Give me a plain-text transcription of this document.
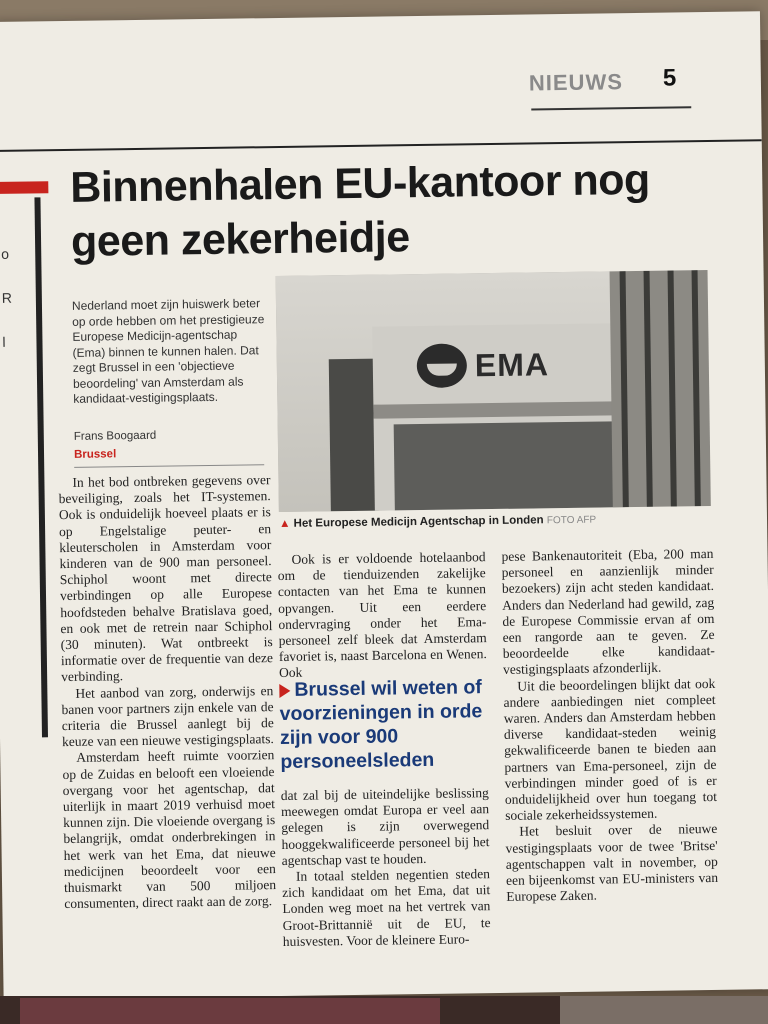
NIEUWS 5
o
R
l
Binnenhalen EU-kantoor nog geen zekerheidje
Nederland moet zijn huiswerk beter op orde hebben om het prestigieuze Europese Medicijn-agentschap (Ema) binnen te kunnen halen. Dat zegt Brussel in een 'objectieve beoordeling' van Amsterdam als kandidaat-vestigingsplaats.
Frans Boogaard
Brussel
EMA
▲ Het Europese Medicijn Agentschap in Londen FOTO AFP

In het bod ontbreken gegevens over beveiliging, zoals het IT-systemen. Ook is onduidelijk hoeveel plaats er is op Engelstalige peuter- en kleuterscholen in Amsterdam voor kinderen van de 900 man personeel. Schiphol woont met directe verbindingen op alle Europese hoofdsteden behalve Bratislava goed, en ook met de retrein naar Schiphol (30 minuten). Wat ontbreekt is informatie over de frequentie van deze verbinding.

Het aanbod van zorg, onderwijs en banen voor partners zijn enkele van de criteria die Brussel aanlegt bij de keuze van een nieuwe vestigingsplaats.

Amsterdam heeft ruimte voorzien op de Zuidas en belooft een vloeiende overgang voor het agentschap, dat uiterlijk in maart 2019 verhuisd moet kunnen zijn. Die vloeiende overgang is belangrijk, omdat onderbrekingen in het werk van het Ema, dat nieuwe medicijnen beoordeelt voor een thuismarkt van 500 miljoen consumenten, direct raakt aan de zorg.

Ook is er voldoende hotelaanbod om de tienduizenden zakelijke contacten van het Ema te kunnen opvangen. Uit een eerdere ondervraging onder het Ema-personeel zelf bleek dat Amsterdam favoriet is, naast Barcelona en Wenen. Ook

Brussel wil weten of voorzieningen in orde zijn voor 900 personeelsleden

dat zal bij de uiteindelijke beslissing meewegen omdat Europa er veel aan gelegen is zijn overwegend hooggekwalificeerde personeel bij het agentschap vast te houden.

In totaal stelden negentien steden zich kandidaat om het Ema, dat uit Londen weg moet na het vertrek van Groot-Brittannië uit de EU, te huisvesten. Voor de kleinere Euro-

pese Bankenautoriteit (Eba, 200 man personeel en aanzienlijk minder bezoekers) zijn acht steden kandidaat. Anders dan Nederland had gewild, zag de Europese Commissie ervan af om een rangorde aan te geven. Ze beoordeelde elke kandidaat-vestigingsplaats afzonderlijk.

Uit die beoordelingen blijkt dat ook andere aanbiedingen niet compleet waren. Anders dan Amsterdam hebben diverse kandidaat-steden weinig gekwalificeerde banen te bieden aan partners van Ema-personeel, zijn de verbindingen minder goed of is er onduidelijkheid over hun toegang tot sociale zekerheidssystemen.

Het besluit over de nieuwe vestigingsplaats voor de twee 'Britse' agentschappen valt in november, op een bijeenkomst van EU-ministers van Europese Zaken.
